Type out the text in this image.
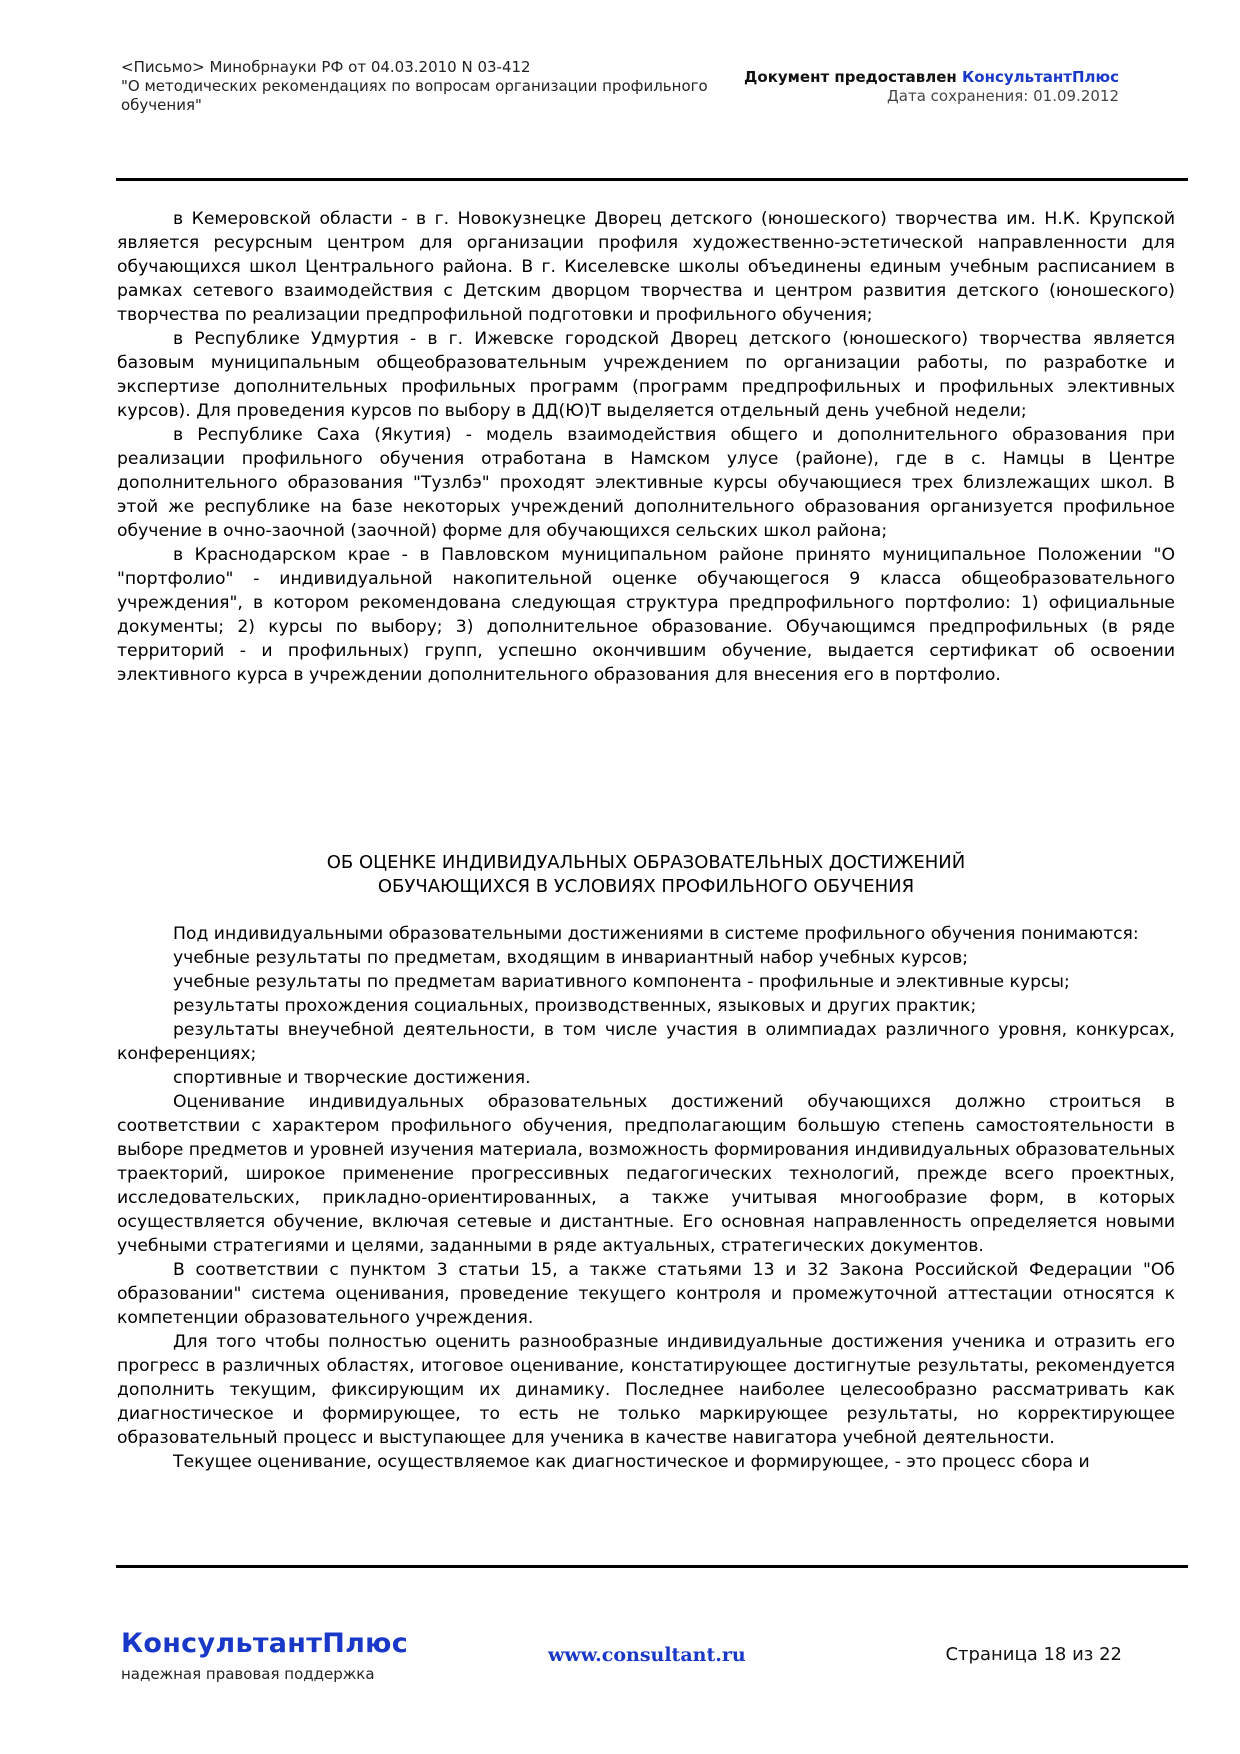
<Письмо> Минобрнауки РФ от 04.03.2010 N 03-412
"О методических рекомендациях по вопросам организации профильного
обучения"
Документ предоставлен КонсультантПлюс
Дата сохранения: 01.09.2012

в Кемеровской области - в г. Новокузнецке Дворец детского (юношеского) творчества им. Н.К. Крупской является ресурсным центром для организации профиля художественно-эстетической направленности для обучающихся школ Центрального района. В г. Киселевске школы объединены единым учебным расписанием в рамках сетевого взаимодействия с Детским дворцом творчества и центром развития детского (юношеского) творчества по реализации предпрофильной подготовки и профильного обучения;

в Республике Удмуртия - в г. Ижевске городской Дворец детского (юношеского) творчества является базовым муниципальным общеобразовательным учреждением по организации работы, по разработке и экспертизе дополнительных профильных программ (программ предпрофильных и профильных элективных курсов). Для проведения курсов по выбору в ДД(Ю)Т выделяется отдельный день учебной недели;

в Республике Саха (Якутия) - модель взаимодействия общего и дополнительного образования при реализации профильного обучения отработана в Намском улусе (районе), где в с. Намцы в Центре дополнительного образования "Тузлбэ" проходят элективные курсы обучающиеся трех близлежащих школ. В этой же республике на базе некоторых учреждений дополнительного образования организуется профильное обучение в очно-заочной (заочной) форме для обучающихся сельских школ района;

в Краснодарском крае - в Павловском муниципальном районе принято муниципальное Положении "О "портфолио" - индивидуальной накопительной оценке обучающегося 9 класса общеобразовательного учреждения", в котором рекомендована следующая структура предпрофильного портфолио: 1) официальные документы; 2) курсы по выбору; 3) дополнительное образование. Обучающимся предпрофильных (в ряде территорий - и профильных) групп, успешно окончившим обучение, выдается сертификат об освоении элективного курса в учреждении дополнительного образования для внесения его в портфолио.

ОБ ОЦЕНКЕ ИНДИВИДУАЛЬНЫХ ОБРАЗОВАТЕЛЬНЫХ ДОСТИЖЕНИЙ
ОБУЧАЮЩИХСЯ В УСЛОВИЯХ ПРОФИЛЬНОГО ОБУЧЕНИЯ

Под индивидуальными образовательными достижениями в системе профильного обучения понимаются:

учебные результаты по предметам, входящим в инвариантный набор учебных курсов;

учебные результаты по предметам вариативного компонента - профильные и элективные курсы;

результаты прохождения социальных, производственных, языковых и других практик;

результаты внеучебной деятельности, в том числе участия в олимпиадах различного уровня, конкурсах, конференциях;

спортивные и творческие достижения.

Оценивание индивидуальных образовательных достижений обучающихся должно строиться в соответствии с характером профильного обучения, предполагающим большую степень самостоятельности в выборе предметов и уровней изучения материала, возможность формирования индивидуальных образовательных траекторий, широкое применение прогрессивных педагогических технологий, прежде всего проектных, исследовательских, прикладно-ориентированных, а также учитывая многообразие форм, в которых осуществляется обучение, включая сетевые и дистантные. Его основная направленность определяется новыми учебными стратегиями и целями, заданными в ряде актуальных, стратегических документов.

В соответствии с пунктом 3 статьи 15, а также статьями 13 и 32 Закона Российской Федерации "Об образовании" система оценивания, проведение текущего контроля и промежуточной аттестации относятся к компетенции образовательного учреждения.

Для того чтобы полностью оценить разнообразные индивидуальные достижения ученика и отразить его прогресс в различных областях, итоговое оценивание, констатирующее достигнутые результаты, рекомендуется дополнить текущим, фиксирующим их динамику. Последнее наиболее целесообразно рассматривать как диагностическое и формирующее, то есть не только маркирующее результаты, но корректирующее образовательный процесс и выступающее для ученика в качестве навигатора учебной деятельности.

Текущее оценивание, осуществляемое как диагностическое и формирующее, - это процесс сбора и

КонсультантПлюс
надежная правовая поддержка
www.consultant.ru	Страница 18 из 22
